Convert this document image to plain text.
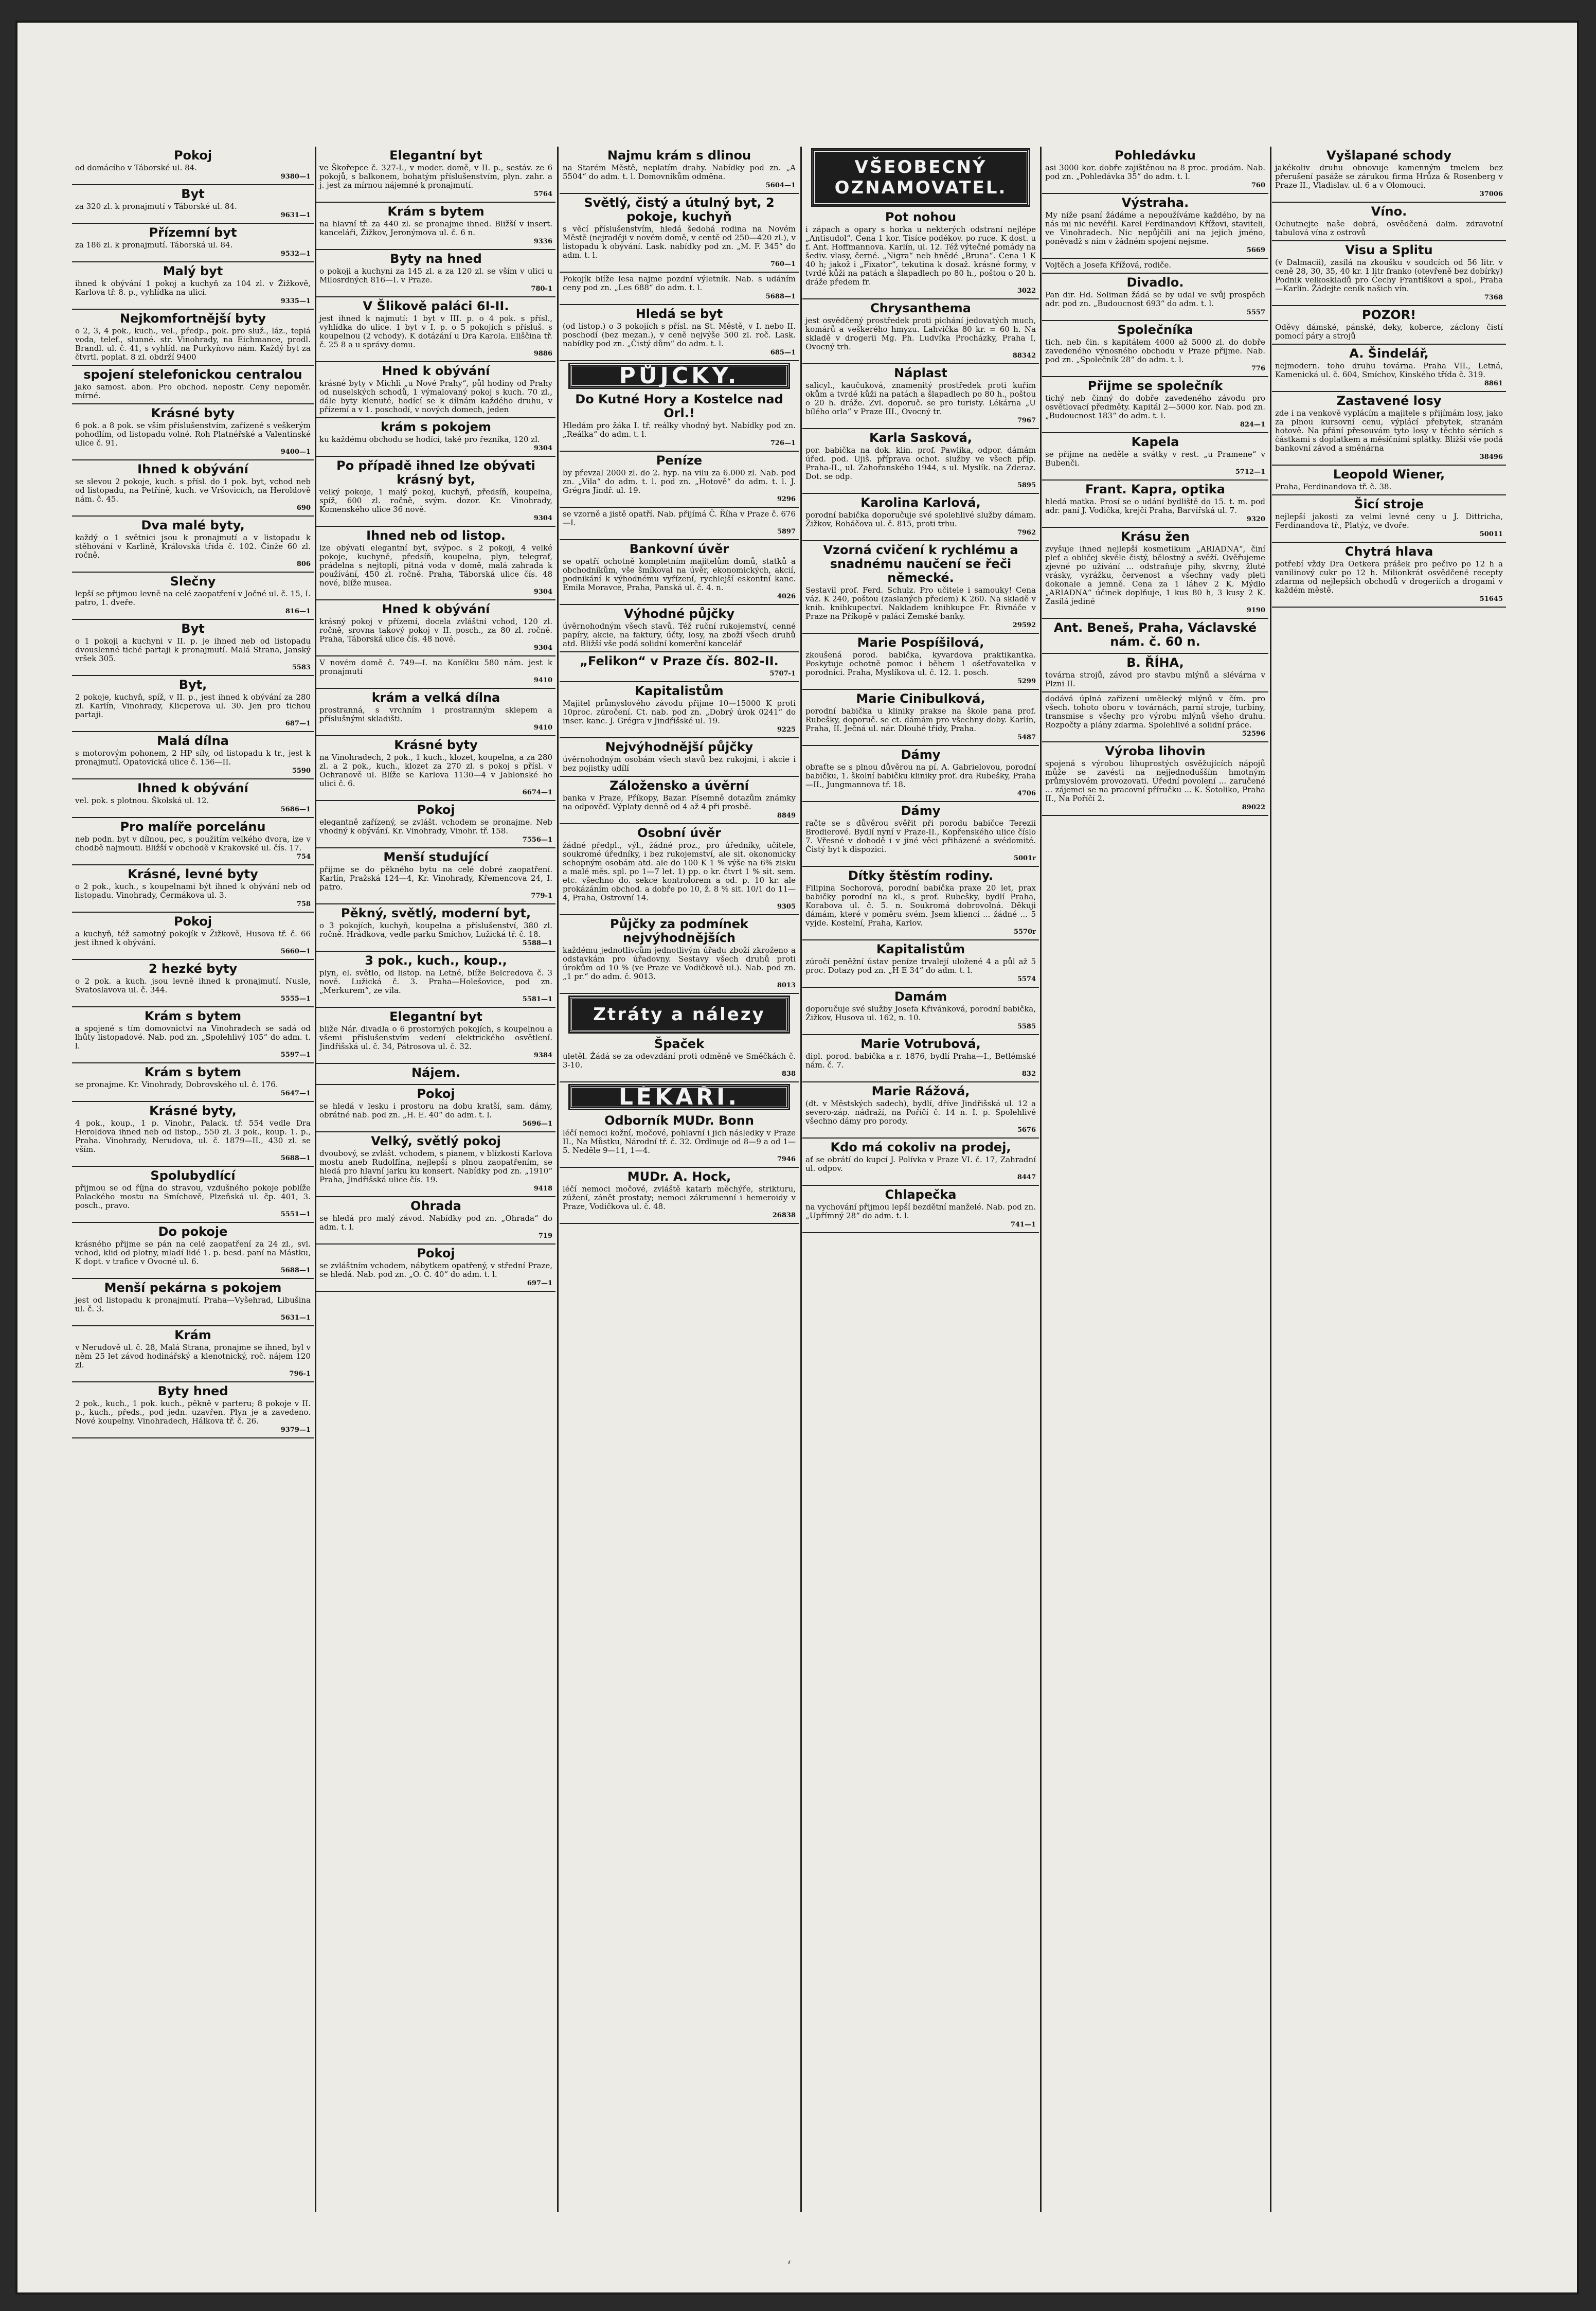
Pokoj

od domácího v Táborské ul. 84.

9380—1
Byt

za 320 zl. k pronajmutí v Táborské ul. 84.

9631—1
Přízemní byt

za 186 zl. k pronajmutí. Táborská ul. 84.

9532—1
Malý byt

ihned k obývání 1 pokoj a kuchyň za 104 zl. v Žižkově, Karlova tř. 8. p., vyhlídka na ulici.

9335—1
Nejkomfortnější byty

o 2, 3, 4 pok., kuch., vel., předp., pok. pro služ., láz., teplá voda, telef., slunné. str. Vinohrady, na Eichmance, prodl. Brandl. ul. č. 41, s vyhlíd. na Purkyňovo nám. Každý byt za čtvrtl. poplat. 8 zl. obdrží 9400

spojení stelefonickou centralou

jako samost. abon. Pro obchod. nepostr. Ceny nepoměr. mírné.

Krásné byty

6 pok. a 8 pok. se vším příslušenstvím, zařízené s veškerým pohodlím, od listopadu volné. Roh Platnéřské a Valentinské ulice č. 91.

9400—1
Ihned k obývání

se slevou 2 pokoje, kuch. s přísl. do 1 pok. byt, vchod neb od listopadu, na Petříně, kuch. ve Vršovicích, na Heroldově nám. č. 45.

690
Dva malé byty,

každý o 1 světnici jsou k pronajmutí a v listopadu k stěhování v Karlině, Královská třída č. 102. Činže 60 zl. ročně.

806
Slečny

lepší se přijmou levně na celé zaopatření v Jočné ul. č. 15, I. patro, 1. dveře.

816—1
Byt

o 1 pokoji a kuchyni v II. p. je ihned neb od listopadu dvouslenné tiché partaji k pronajmutí. Malá Strana, Janský vršek 305.

5583
Byt,

2 pokoje, kuchyň, spíž, v II. p., jest ihned k obývání za 280 zl. Karlín, Vinohrady, Klicperova ul. 30. Jen pro tichou partaji.

687—1
Malá dílna

s motorovým pohonem, 2 HP síly, od listopadu k tr., jest k pronajmutí. Opatovická ulice č. 156—II.

5590
Ihned k obývání

vel. pok. s plotnou. Školská ul. 12.

5686—1
Pro malíře porcelánu

neb podn. byt v dílnou, pec, s použitím velkého dvora, ize v chodbě najmouti. Bližší v obchodě v Krakovské ul. čís. 17.

754
Krásné, levné byty

o 2 pok., kuch., s koupelnami být ihned k obývání neb od listopadu. Vinohrady, Čermákova ul. 3.

758
Pokoj

a kuchyň, též samotný pokojík v Žižkově, Husova tř. č. 66 jest ihned k obývání.

5660—1
2 hezké byty

o 2 pok. a kuch. jsou levně ihned k pronajmutí. Nusle, Svatoslavova ul. č. 344.

5555—1
Krám s bytem

a spojené s tím domovnictví na Vinohradech se sadá od lhůty listopadové. Nab. pod zn. „Spolehlivý 105“ do adm. t. l.

5597—1
Krám s bytem

se pronajme. Kr. Vinohrady, Dobrovského ul. č. 176.

5647—1
Krásné byty,

4 pok., koup., 1 p. Vinohr., Palack. tř. 554 vedle Dra Heroldova ihned neb od listop., 550 zl. 3 pok., koup. 1. p., Praha. Vinohrady, Nerudova, ul. č. 1879—II., 430 zl. se vším.

5688—1
Spolubydlící

přijmou se od října do stravou, vzdušného pokoje poblíže Palackého mostu na Smíchově, Plzeňská ul. čp. 401, 3. posch., pravo.

5551—1
Do pokoje

krásného přijme se pán na celé zaopatření za 24 zl., svl. vchod, klid od plotny, mladí lidé 1. p. besd. paní na Mástku, K dopt. v trafice v Ovocné ul. 6.

5688—1
Menší pekárna s pokojem

jest od listopadu k pronajmutí. Praha—Vyšehrad, Libušina ul. č. 3.

5631—1
Krám

v Nerudově ul. č. 28, Malá Strana, pronajme se ihned, byl v něm 25 let závod hodinářský a klenotnický, roč. nájem 120 zl.

796-1
Byty hned

2 pok., kuch., 1 pok. kuch., pěkně v parteru; 8 pokoje v II. p., kuch., předs., pod jedn. uzavřen. Plyn je a zavedeno. Nové koupelny. Vinohradech, Hálkova tř. č. 26.

9379—1
Elegantní byt

ve Škořepce č. 327-I., v moder. domě, v II. p., sestáv. ze 6 pokojů, s balkonem, bohatým příslušenstvím, plyn. zahr. a j. jest za mírnou nájemné k pronajmutí.

5764
Krám s bytem

na hlavní tř. za 440 zl. se pronajme ihned. Bližší v insert. kanceláři, Žižkov, Jeronýmova ul. č. 6 n.

9336
Byty na hned

o pokoji a kuchyni za 145 zl. a za 120 zl. se vším v ulici u Milosrdných 816—I. v Praze.

780-1
V Šlikově paláci 6I-II.

jest ihned k najmutí: 1 byt v III. p. o 4 pok. s přísl., vyhlídka do ulice. 1 byt v I. p. o 5 pokojích s přísluš. s koupelnou (2 vchody). K dotázání u Dra Karola. Eliščina tř. č. 25 8 a u správy domu.

9886
Hned k obývání

krásné byty v Michli „u Nové Prahy“, půl hodiny od Prahy od nuselských schodů, 1 výmalovaný pokoj s kuch. 70 zl., dále byty klenuté, hodící se k dílnám každého druhu, v přízemí a v 1. poschodí, v nových domech, jeden

krám s pokojem

ku každému obchodu se hodící, také pro řezníka, 120 zl.

9304
Po případě ihned lze obývati krásný byt,

velký pokoje, 1 malý pokoj, kuchyň, předsíň, koupelna, spíž, 600 zl. ročně, svým. dozor. Kr. Vinohrady, Komenského ulice 36 nově.

9304
Ihned neb od listop.

lze obývati elegantní byt, svýpoc. s 2 pokoji, 4 velké pokoje, kuchyně, předsíň, koupelna, plyn, telegraf, prádelna s nejtoplí, pitná voda v domě, malá zahrada k používání, 450 zl. ročně. Praha, Táborská ulice čís. 48 nové, blíže musea.

9304
Hned k obývání

krásný pokoj v přízemí, docela zvláštní vchod, 120 zl. ročně, srovna takový pokoj v II. posch., za 80 zl. ročně. Praha, Táborská ulice čís. 48 nové.

9304

V novém domě č. 749—I. na Koníčku 580 nám. jest k pronajmutí

9410
krám a velká dílna

prostranná, s vrchním i prostranným sklepem a příslušnými skladišti.

9410
Krásné byty

na Vinohradech, 2 pok., 1 kuch., klozet, koupelna, a za 280 zl. a 2 pok., kuch., klozet za 270 zl. s pokoj s přísl. v Ochranově ul. Blíže se Karlova 1130—4 v Jablonské ho ulici č. 6.

6674—1
Pokoj

elegantně zařízený, se zvlášt. vchodem se pronajme. Neb vhodný k obývání. Kr. Vinohrady, Vinohr. tř. 158.

7556—1
Menší studující

přijme se do pěkného bytu na celé dobré zaopatření. Karlín, Pražská 124—4, Kr. Vinohrady, Křemencova 24, I. patro.

779-1
Pěkný, světlý, moderní byt,

o 3 pokojích, kuchyň, koupelna a příslušenství, 380 zl. ročně. Hrádkova, vedle parku Smíchov, Lužická tř. č. 18.

5588—1
3 pok., kuch., koup.,

plyn, el. světlo, od listop. na Letné, blíže Belcredova č. 3 nově. Lužická č. 3. Praha—Holešovice, pod zn. „Merkurem“, ze vila.

5581—1
Elegantní byt

bliže Nár. divadla o 6 prostorných pokojích, s koupelnou a všemi příslušenstvím vedení elektrického osvětlení. Jindřišská ul. č. 34, Pátrosova ul. č. 32.

9384
Nájem.
Pokoj

se hledá v lesku i prostoru na dobu kratší, sam. dámy, obrátné nab. pod zn. „H. E. 40“ do adm. t. l.

5696—1
Velký, světlý pokoj

dvoubový, se zvlášt. vchodem, s pianem, v blízkosti Karlova mostu aneb Rudolfína, nejlepší s plnou zaopatřením, se hledá pro hlavní jarku ku konsert. Nabídky pod zn. „1910“ Praha, Jindřišská ulice čís. 19.

9418
Ohrada

se hledá pro malý závod. Nabídky pod zn. „Ohrada“ do adm. t. l.

719
Pokoj

se zvláštním vchodem, nábytkem opatřený, v střední Praze, se hledá. Nab. pod zn. „O. C. 40“ do adm. t. l.

697—1
Najmu krám s dlinou

na Starém Městě, neplatím drahy. Nabídky pod zn. „A 5504“ do adm. t. l. Domovníkům odměna.

5604—1
Světlý, čistý a útulný byt, 2 pokoje, kuchyň

s věcí příslušenstvím, hledá šedohá rodina na Novém Městě (nejraději v novém domě, v centě od 250—420 zl.), v listopadu k obývání. Lask. nabídky pod zn. „M. F. 345“ do adm. t. l.

760—1

Pokojík blíže lesa najme pozdní výletník. Nab. s udáním ceny pod zn. „Les 688“ do adm. t. l.

5688—1
Hledá se byt

(od listop.) o 3 pokojích s přísl. na St. Městě, v I. nebo II. poschodí (bez mezan.), v ceně nejvýše 500 zl. roč. Lask. nabídky pod zn. „Čistý dům“ do adm. t. l.

685—1
PŮJČKY.
Do Kutné Hory a Kostelce nad Orl.!

Hledám pro žáka I. tř. reálky vhodný byt. Nabídky pod zn. „Reálka“ do adm. t. l.

726—1
Peníze

by převzal 2000 zl. do 2. hyp. na vilu za 6.000 zl. Nab. pod zn. „Vila“ do adm. t. l. pod zn. „Hotově“ do adm. t. l. J. Grégra Jindř. ul. 19.

9296

se vzorně a jistě opatří. Nab. přijímá Č. Říha v Praze č. 676—I.

5897
Bankovní úvěr

se opatří ochotně kompletním majitelům domů, statků a obchodníkům, vše šmíkoval na úvěr, ekonomických, akcií, podnikání k výhodnému vyřízení, rychlejší eskontní kanc. Emila Moravce, Praha, Panská ul. č. 4. n.

4026
Výhodné půjčky

úvěrnohodným všech stavů. Též ruční rukojemství, cenné papíry, akcie, na faktury, účty, losy, na zboží všech druhů atd. Bližší vše podá solidní komerční kancelář

„Felikon“ v Praze čís. 802-II.
5707-1
Kapitalistům

Majitel průmyslového závodu přijme 10—15000 K proti 10proc. zúročení. Ct. nab. pod zn. „Dobrý úrok 0241“ do inser. kanc. J. Grégra v Jindřišské ul. 19.

9225
Nejvýhodnější půjčky

úvěrnohodným osobám všech stavů bez rukojmí, i akcie i bez pojistky udílí

Záložensko a úvěrní

banka v Praze, Příkopy, Bazar. Písemně dotazům známky na odpověď. Výplaty denně od 4 až 4 při prosbě.

8849
Osobní úvěr

žádné předpl., výl., žádné proz., pro úředníky, učitele, soukromé úředníky, i bez rukojemství, ale sit. okonomicky schopným osobám atd. ale do 100 K 1 % výše na 6% zisku a malé měs. spl. po 1—7 let. 1) pp. o kr. čtvrt 1 % sit. sem. etc. všechno do. sekce kontrolorem a od. p. 10 kr. ale prokázáním obchod. a dobře po 10, ž. 8 % sit. 10/1 do 11—4, Praha, Ostrovní 14.

9305
Půjčky za podmínek nejvýhodnějších

každému jednotlivcům jednotlivým úřadu zboží zkroženo a odstavkám pro úřadovny. Sestavy všech druhů proti úrokům od 10 % (ve Praze ve Vodičkově ul.). Nab. pod zn. „1 pr.“ do adm. č. 9013.

8013
Ztráty a nálezy
Špaček

uletěl. Žádá se za odevzdání proti odměně ve Směčkách č. 3-10.

838
LÉKAŘI.
Odborník MUDr. Bonn

léčí nemoci kožní, močové, pohlavní i jich následky v Praze II., Na Můstku, Národní tř. č. 32. Ordinuje od 8—9 a od 1—5. Neděle 9—11, 1—4.

7946
MUDr. A. Hock,

léčí nemoci močové, zvláště katarh měchýře, strikturu, zúžení, zánět prostaty; nemoci zákrumenní i hemeroidy v Praze, Vodičkova ul. č. 48.

26838
VŠEOBECNÝ OZNAMOVATEL.
Pot nohou

i zápach a opary s horka u nekterých odstraní nejlépe „Antisudol“. Cena 1 kor. Tisíce podékov. po ruce. K dost. u f. Ant. Hoffmannova. Karlín, ul. 12. Též výtečné pomády na šediv. vlasy, černé. „Nigra“ neb hnědé „Bruna“. Cena 1 K 40 h; jakož i „Fixator“, tekutina k dosaž. krásné formy, v tvrdé kůži na patách a šlapadlech po 80 h., poštou o 20 h. dráže předem fr.

3022
Chrysanthema

jest osvědčený prostředek proti pichání jedovatých much, komárů a veškerého hmyzu. Lahvička 80 kr. = 60 h. Na skladě v drogerii Mg. Ph. Ludvíka Procházky, Praha I, Ovocný trh.

88342
Náplast

salicyl., kaučuková, znamenitý prostředek proti kuřím okům a tvrdé kůži na patách a šlapadlech po 80 h., poštou o 20 h. dráže. Zvl. doporuč. se pro turisty. Lékárna „U bílého orla“ v Praze III., Ovocný tr.

7967
Karla Sasková,

por. babička na dok. klin. prof. Pawlíka, odpor. dámám úřed. pod. Ujiš. příprava ochot. služby ve všech příp. Praha-II., ul. Zahořanského 1944, s ul. Myslík. na Zderaz. Dot. se odp.

5895
Karolina Karlová,

porodní babička doporučuje své spolehlivé služby dámam. Žižkov, Roháčova ul. č. 815, proti trhu.

7962
Vzorná cvičení k rychlému a snadnému naučení se řeči německé.

Sestavil prof. Ferd. Schulz. Pro učitele i samouky! Cena váz. K 240, poštou (zaslaných předem) K 260. Na skladě v knih. knihkupectví. Nakladem knihkupce Fr. Řivnáče v Praze na Příkopě v paláci Zemské banky.

29592
Marie Pospíšilová,

zkoušená porod. babička, kyvardova praktikantka. Poskytuje ochotně pomoc i během 1 ošetřovatelka v porodnici. Praha, Myslíkova ul. č. 12. 1. posch.

5299
Marie Cinibulková,

porodní babička u kliniky prakse na škole pana prof. Rubešky, doporuč. se ct. dámám pro všechny doby. Karlín, Praha, II. Ječná ul. nár. Dlouhé třídy, Praha.

5487
Dámy

obraťte se s plnou důvěrou na pí. A. Gabrielovou, porodní babičku, 1. školní babičku kliniky prof. dra Rubešky, Praha—II., Jungmannova tř. 18.

4706
Dámy

račte se s důvěrou svěřit při porodu babičce Terezii Brodierové. Bydlí nyní v Praze-II., Kopřenského ulice číslo 7. Vřesné v dohodě i v jiné věci přiházené a svédomité. Čistý byt k dispozici.

5001r
Dítky štěstím rodiny.

Filipina Sochorová, porodní babička praxe 20 let, prax babičky porodní na kl., s prof. Rubešky, bydlí Praha, Korabova ul. č. 5. n. Soukromá dobrovolná. Děkuji dámám, které v poměru svém. Jsem kliencí ... žádné ... 5 vyjde. Kostelní, Praha, Karlov.

5570r
Kapitalistům

zúročí peněžní ústav peníze trvalejí uložené 4 a půl až 5 proc. Dotazy pod zn. „H E 34“ do adm. t. l.

5574
Damám

doporučuje své služby Josefa Křivánková, porodní babička, Žižkov, Husova ul. 162, n. 10.

5585
Marie Votrubová,

dipl. porod. babička a r. 1876, bydlí Praha—I., Betlémské nám. č. 7.

832
Marie Rážová,

(dt. v Městských sadech), bydlí, dříve Jindřišská ul. 12 a severo-záp. nádraží, na Poříčí č. 14 n. I. p. Spolehlivé všechno dámy pro porody.

5676
Kdo má cokoliv na prodej,

ať se obrátí do kupcí J. Polívka v Praze VI. č. 17, Zahradní ul. odpov.

8447
Chlapečka

na vychování přijmou lepší bezdětní manželé. Nab. pod zn. „Upřímný 28“ do adm. t. l.

741—1
Pohledávku

asi 3000 kor. dobře zajištěnou na 8 proc. prodám. Nab. pod zn. „Pohledávka 35“ do adm. t. l.

760
Výstraha.

My níže psaní žádáme a nepoužíváme každého, by na nás mi nic nevěřil. Karel Ferdinandovi Křížovi, staviteli, ve Vinohradech. Nic nepůjčili ani na jejich jméno, poněvadž s ním v žádném spojení nejsme.

5669

Vojtěch a Josefa Křížová, rodiče.

Divadlo.

Pan dir. Hd. Soliman žádá se by udal ve svůj prospěch adr. pod zn. „Budoucnost 693“ do adm. t. l.

5557
Společníka

tich. neb čin. s kapitálem 4000 až 5000 zl. do dobře zavedeného výnosného obchodu v Praze přijme. Nab. pod zn. „Společník 28“ do adm. t. l.

776
Přijme se společník

tichý neb činný do dobře zavedeného závodu pro osvětlovací předměty. Kapitál 2—5000 kor. Nab. pod zn. „Budoucnost 183“ do adm. t. l.

824—1
Kapela

se přijme na neděle a svátky v rest. „u Pramene“ v Bubenči.

5712—1
Frant. Kapra, optika

hledá matka. Prosí se o udání bydliště do 15. t. m. pod adr. paní J. Vodička, krejčí Praha, Barvířská ul. 7.

9320
Krásu žen

zvyšuje ihned nejlepší kosmetikum „ARIADNA“, činí pleť a obličej skvěle čistý, bělostný a svěží. Ověřujeme zjevné po užívání ... odstraňuje pihy, skvrny, žluté vrásky, vyrážku, červenost a všechny vady pleti dokonale a jemně. Cena za 1 láhev 2 K. Mýdlo „ARIADNA“ účinek doplňuje, 1 kus 80 h, 3 kusy 2 K. Zasílá jediné

9190
Ant. Beneš, Praha, Václavské nám. č. 60 n.
B. ŘÍHA,

továrna strojů, závod pro stavbu mlýnů a slévárna v Plzni II.

dodává úplná zařízení umělecký mlýnů v čím. pro všech. tohoto oboru v továrnách, parní stroje, turbíny, transmise s všechy pro výrobu mlýnů všeho druhu. Rozpočty a plány zdarma. Spolehlivé a solidní práce.

52596
Výroba lihovin

spojená s výrobou lihuprostých osvěžujících nápojů může se zavésti na nejjednodušším hmotným průmyslovém provozovati. Úřední povolení ... zaručené ... zájemci se na pracovní příručku ... K. Šotoliko, Praha II., Na Poříčí 2.

89022
Vyšlapané schody

jakékoliv druhu obnovuje kamenným tmelem bez přerušení pasáže se zárukou firma Hrůza & Rosenberg v Praze II., Vladislav. ul. 6 a v Olomouci.

37006
Víno.

Ochutnejte naše dobrá, osvědčená dalm. zdravotní tabulová vína z ostrovů

Visu a Splitu

(v Dalmacii), zasílá na zkoušku v soudcích od 56 litr. v ceně 28, 30, 35, 40 kr. 1 litr franko (otevřeně bez dobírky) Podnik velkoskladů pro Čechy Františkovi a spol., Praha—Karlín. Žádejte ceník našich vín.

7368
POZOR!

Oděvy dámské, pánské, deky, koberce, záclony čistí pomocí páry a strojů

A. Šindelář,

nejmodern. toho druhu továrna. Praha VII., Letná, Kamenická ul. č. 604, Smíchov, Kinského třída č. 319.

8861
Zastavené losy

zde i na venkově vyplácím a majitele s přijímám losy, jako za plnou kursovní cenu, výplácí přebytek, stranám hotově. Na přání přesouvám tyto losy v těchto sériích s částkami s doplatkem a měsíčními splátky. Bližší vše podá bankovní závod a směnárna

38496
Leopold Wiener,

Praha, Ferdinandova tř. č. 38.

Šicí stroje

nejlepší jakosti za velmi levné ceny u J. Dittricha, Ferdinandova tř., Platýz, ve dvoře.

50011
Chytrá hlava

potřebí vždy Dra Oetkera prášek pro pečivo po 12 h a vanilinový cukr po 12 h. Milionkrát osvědčené recepty zdarma od nejlepších obchodů v drogeriích a drogami v každém městě.

51645
ʻ
